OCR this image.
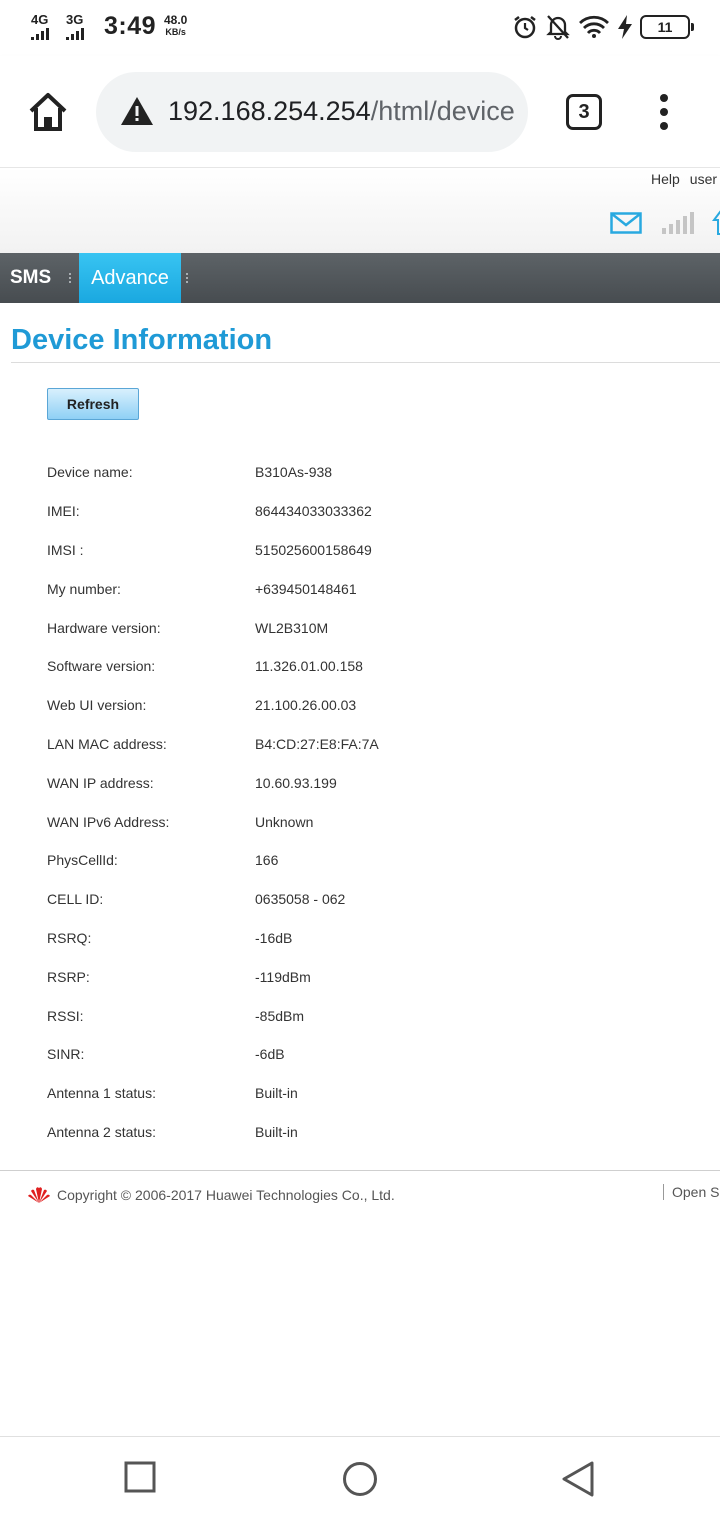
4G 3G 3:49 48.0
KB/s	11
192.168.254.254/html/device	3
Help user
SMS	Advance
Device Information
Refresh
Device name:	B310As-938
IMEI:	864434033033362
IMSI :	515025600158649
My number:	+639450148461
Hardware version:	WL2B310M
Software version:	11.326.01.00.158
Web UI version:	21.100.26.00.03
LAN MAC address:	B4:CD:27:E8:FA:7A
WAN IP address:	10.60.93.199
WAN IPv6 Address:	Unknown
PhysCellId:	166
CELL ID:	0635058 - 062
RSRQ:	-16dB
RSRP:	-119dBm
RSSI:	-85dBm
SINR:	-6dB
Antenna 1 status:	Built-in
Antenna 2 status:	Built-in
Copyright © 2006-2017 Huawei Technologies Co., Ltd.	Open S
